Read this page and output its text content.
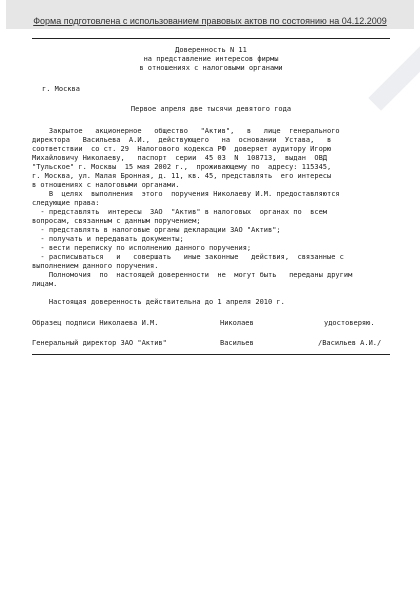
Форма подготовлена с использованием правовых актов по состоянию на 04.12.2009
Доверенность N 11
на представление интересов фирмы
в отношениях с налоговыми органами
г. Москва
Первое апреля две тысячи девятого года
Закрытое   акционерное   общество   "Актив",   в   лице  генерального
директора   Васильева  А.И.,  действующего   на  основании  Устава,   в
соответствии  со ст. 29  Налогового кодекса РФ  доверяет аудитору Игорю
Михайловичу Николаеву,   паспорт  серии  45 03  N  108713,  выдан  ОВД
"Тульское" г. Москвы  15 мая 2002 г.,  проживающему по  адресу: 115345,
г. Москва, ул. Малая Бронная, д. 11, кв. 45, представлять  его интересы
в отношениях с налоговыми органами.
В  целях  выполнения  этого  поручения Николаеву И.М. предоставляются
следующие права:
- представлять  интересы  ЗАО  "Актив" в налоговых  органах по  всем
вопросам, связанным с данным поручением;
- представлять в налоговые органы декларации ЗАО "Актив";
- получать и передавать документы;
- вести переписку по исполнению данного поручения;
- расписываться   и   совершать   иные законные   действия,  связанные с
выполнением данного поручения.
Полномочия  по  настоящей доверенности  не  могут быть   переданы другим
лицам.
Настоящая доверенность действительна до 1 апреля 2010 г.
Образец подписи Николаева И.М.	Николаев	удостоверяю.
Генеральный директор ЗАО "Актив"	Васильев	/Васильев А.И./
